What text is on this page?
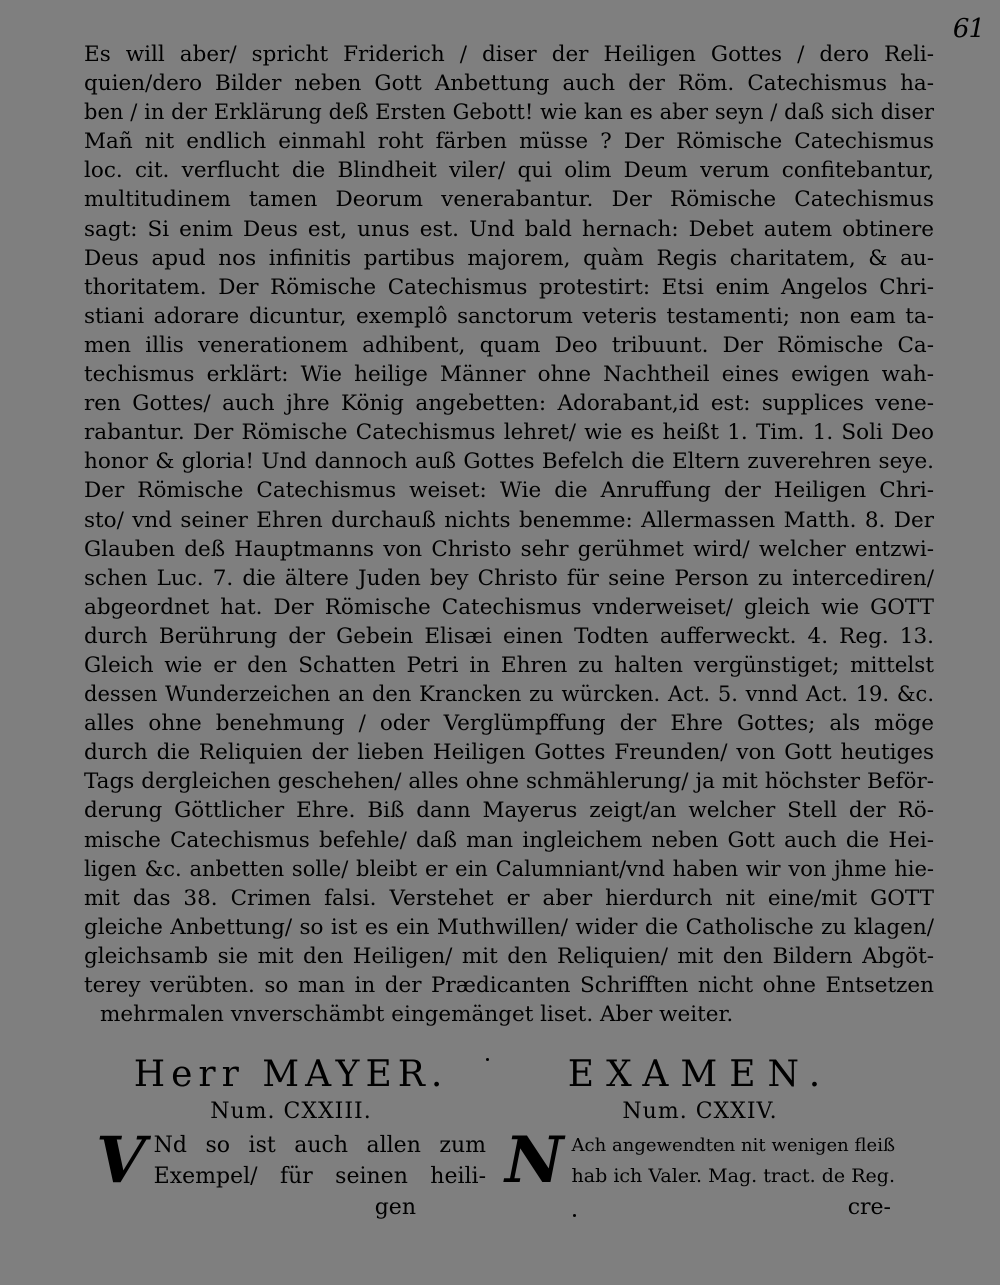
61
Es will aber/ spricht Friderich / diser der Heiligen Gottes / dero Reli-
quien/dero Bilder neben Gott Anbettung auch der Röm. Catechismus ha-
ben / in der Erklärung deß Ersten Gebott! wie kan es aber seyn / daß sich diser
Mañ nit endlich einmahl roht färben müsse ? Der Römische Catechismus
loc. cit. verflucht die Blindheit viler/ qui olim Deum verum confitebantur,
multitudinem tamen Deorum venerabantur. Der Römische Catechismus
sagt: Si enim Deus est, unus est. Und bald hernach: Debet autem obtinere
Deus apud nos infinitis partibus majorem, quàm Regis charitatem, & au-
thoritatem. Der Römische Catechismus protestirt: Etsi enim Angelos Chri-
stiani adorare dicuntur, exemplô sanctorum veteris testamenti; non eam ta-
men illis venerationem adhibent, quam Deo tribuunt. Der Römische Ca-
techismus erklärt: Wie heilige Männer ohne Nachtheil eines ewigen wah-
ren Gottes/ auch jhre König angebetten: Adorabant,id est: supplices vene-
rabantur. Der Römische Catechismus lehret/ wie es heißt 1. Tim. 1. Soli Deo
honor & gloria! Und dannoch auß Gottes Befelch die Eltern zuverehren seye.
Der Römische Catechismus weiset: Wie die Anruffung der Heiligen Chri-
sto/ vnd seiner Ehren durchauß nichts benemme: Allermassen Matth. 8. Der
Glauben deß Hauptmanns von Christo sehr gerühmet wird/ welcher entzwi-
schen Luc. 7. die ältere Juden bey Christo für seine Person zu intercediren/
abgeordnet hat. Der Römische Catechismus vnderweiset/ gleich wie GOTT
durch Berührung der Gebein Elisæi einen Todten aufferweckt. 4. Reg. 13.
Gleich wie er den Schatten Petri in Ehren zu halten vergünstiget; mittelst
dessen Wunderzeichen an den Krancken zu würcken. Act. 5. vnnd Act. 19. &c.
alles ohne benehmung / oder Verglümpffung der Ehre Gottes; als möge
durch die Reliquien der lieben Heiligen Gottes Freunden/ von Gott heutiges
Tags dergleichen geschehen/ alles ohne schmählerung/ ja mit höchster Beför-
derung Göttlicher Ehre. Biß dann Mayerus zeigt/an welcher Stell der Rö-
mische Catechismus befehle/ daß man ingleichem neben Gott auch die Hei-
ligen &c. anbetten solle/ bleibt er ein Calumniant/vnd haben wir von jhme hie-
mit das 38. Crimen falsi. Verstehet er aber hierdurch nit eine/mit GOTT
gleiche Anbettung/ so ist es ein Muthwillen/ wider die Catholische zu klagen/
gleichsamb sie mit den Heiligen/ mit den Reliquien/ mit den Bildern Abgöt-
terey verübten. so man in der Prædicanten Schrifften nicht ohne Entsetzen
mehrmalen vnverschämbt eingemänget liset. Aber weiter.
Herr MAYER.
Num. CXXIII.
V Nd so ist auch allen zum
Exempel/ für seinen heili-
gen
EXAMEN.
Num. CXXIV.
N Ach angewendten nit wenigen fleiß
hab ich Valer. Mag. tract. de Reg.
cre-
